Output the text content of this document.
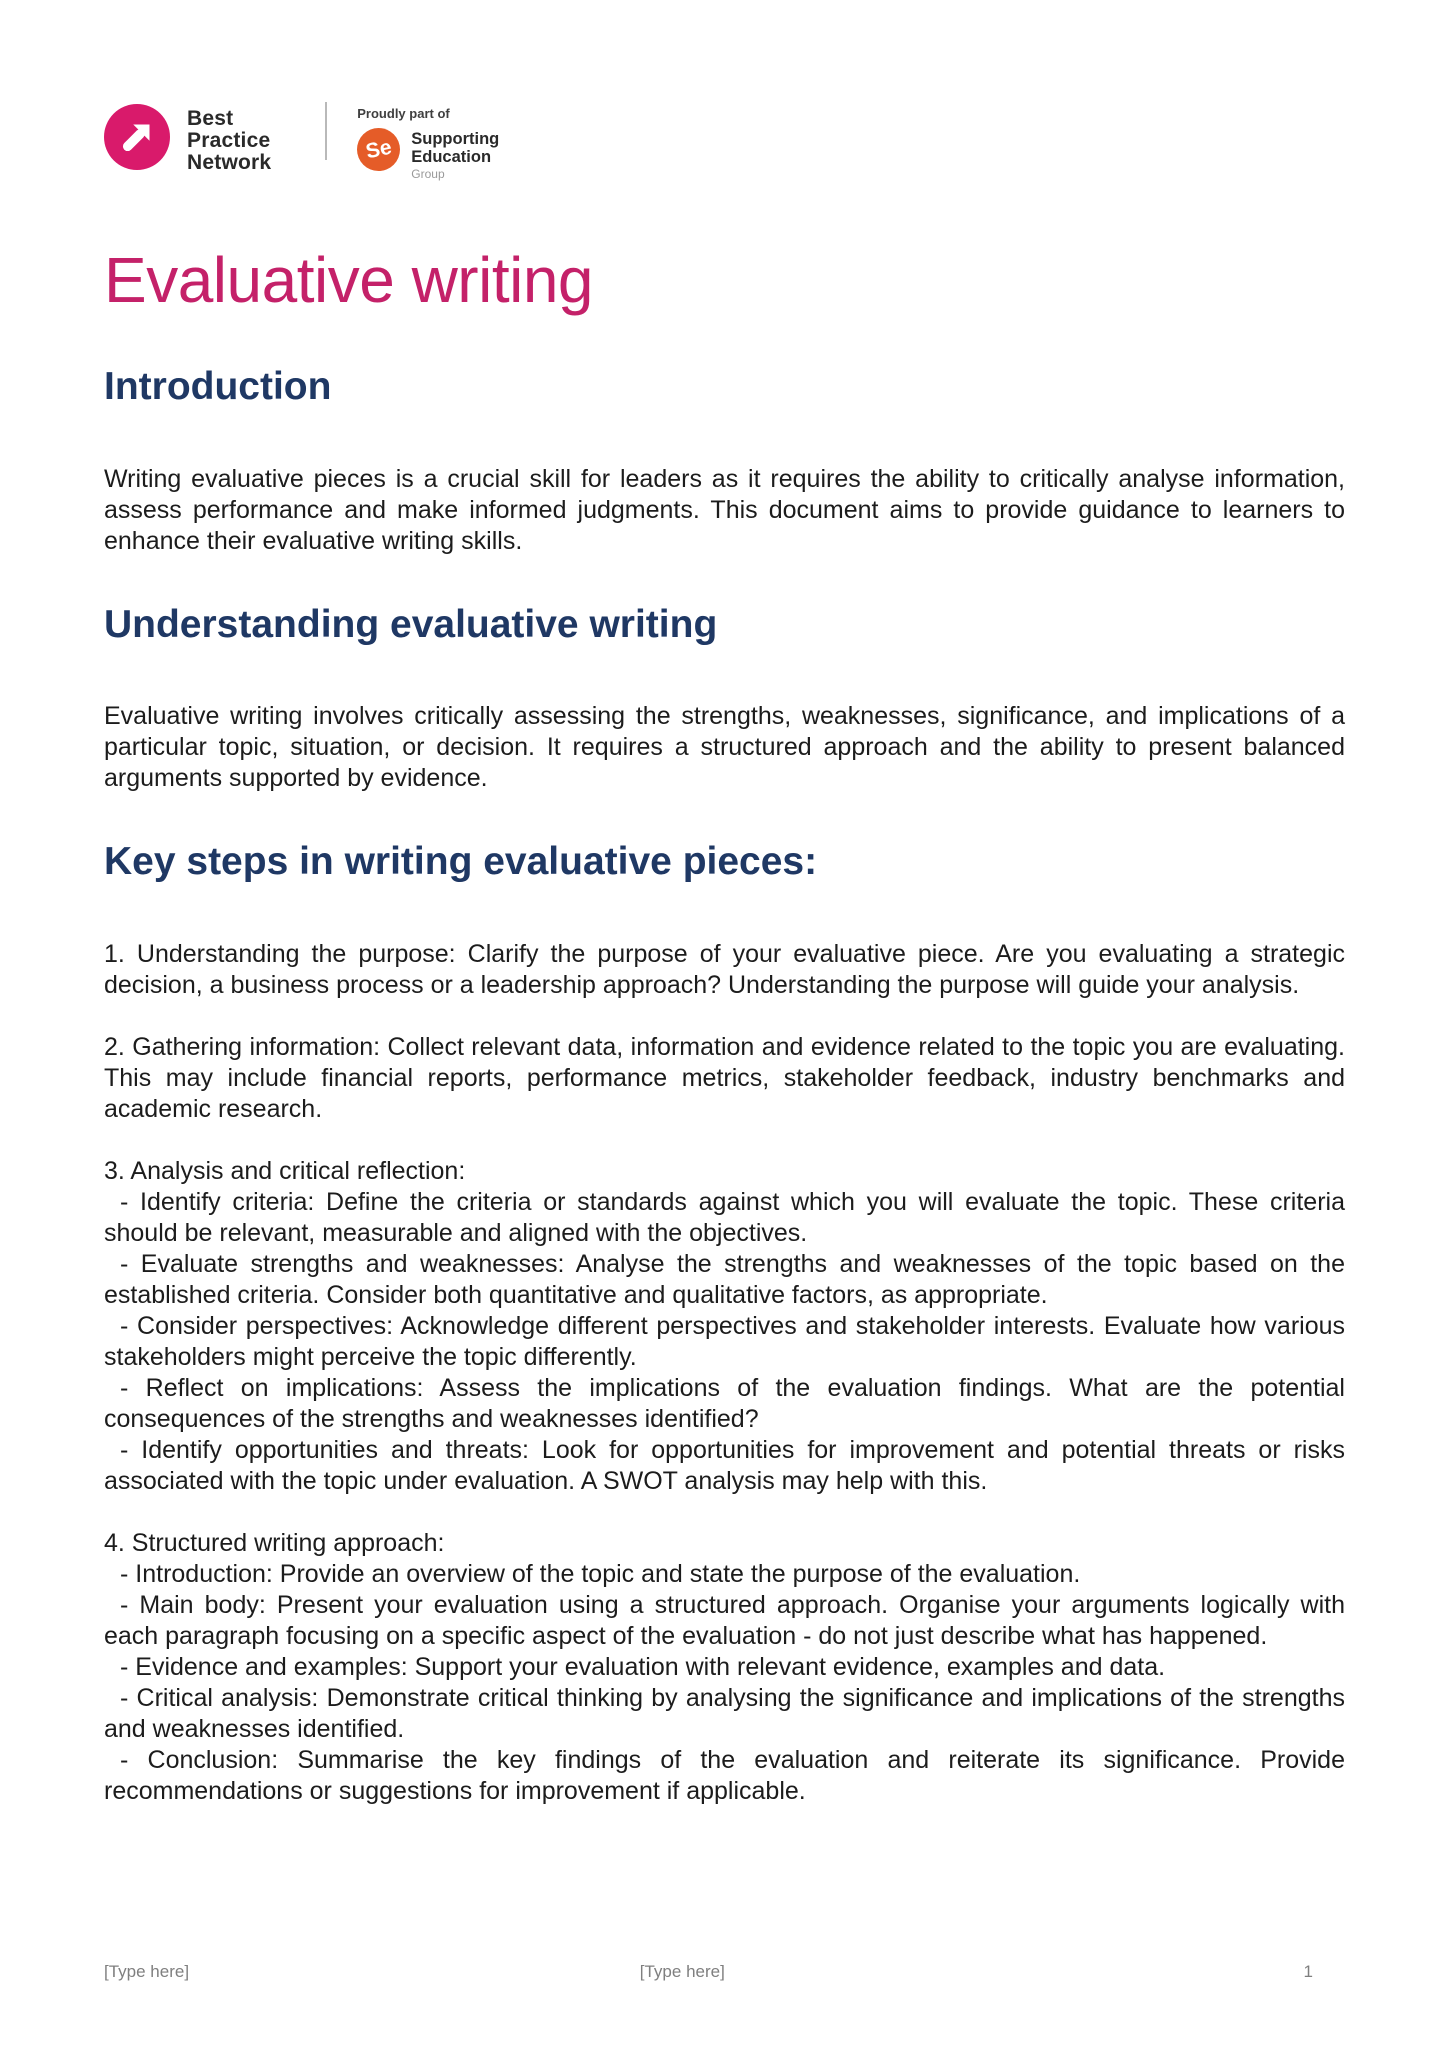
Best
Practice
Network
Proudly part of
Se Supporting
Education
Group
Evaluative writing
Introduction

Writing evaluative pieces is a crucial skill for leaders as it requires the ability to critically analyse information, assess performance and make informed judgments. This document aims to provide guidance to learners to enhance their evaluative writing skills.

Understanding evaluative writing

Evaluative writing involves critically assessing the strengths, weaknesses, significance, and implications of a particular topic, situation, or decision. It requires a structured approach and the ability to present balanced arguments supported by evidence.

Key steps in writing evaluative pieces:

1. Understanding the purpose: Clarify the purpose of your evaluative piece. Are you evaluating a strategic decision, a business process or a leadership approach? Understanding the purpose will guide your analysis.

2. Gathering information: Collect relevant data, information and evidence related to the topic you are evaluating. This may include financial reports, performance metrics, stakeholder feedback, industry benchmarks and academic research.

3. Analysis and critical reflection:

- Identify criteria: Define the criteria or standards against which you will evaluate the topic. These criteria should be relevant, measurable and aligned with the objectives.

- Evaluate strengths and weaknesses: Analyse the strengths and weaknesses of the topic based on the established criteria. Consider both quantitative and qualitative factors, as appropriate.

- Consider perspectives: Acknowledge different perspectives and stakeholder interests. Evaluate how various stakeholders might perceive the topic differently.

- Reflect on implications: Assess the implications of the evaluation findings. What are the potential consequences of the strengths and weaknesses identified?

- Identify opportunities and threats: Look for opportunities for improvement and potential threats or risks associated with the topic under evaluation. A SWOT analysis may help with this.

4. Structured writing approach:

- Introduction: Provide an overview of the topic and state the purpose of the evaluation.

- Main body: Present your evaluation using a structured approach. Organise your arguments logically with each paragraph focusing on a specific aspect of the evaluation - do not just describe what has happened.

- Evidence and examples: Support your evaluation with relevant evidence, examples and data.

- Critical analysis: Demonstrate critical thinking by analysing the significance and implications of the strengths and weaknesses identified.

- Conclusion: Summarise the key findings of the evaluation and reiterate its significance. Provide recommendations or suggestions for improvement if applicable.

[Type here]	[Type here]	1
